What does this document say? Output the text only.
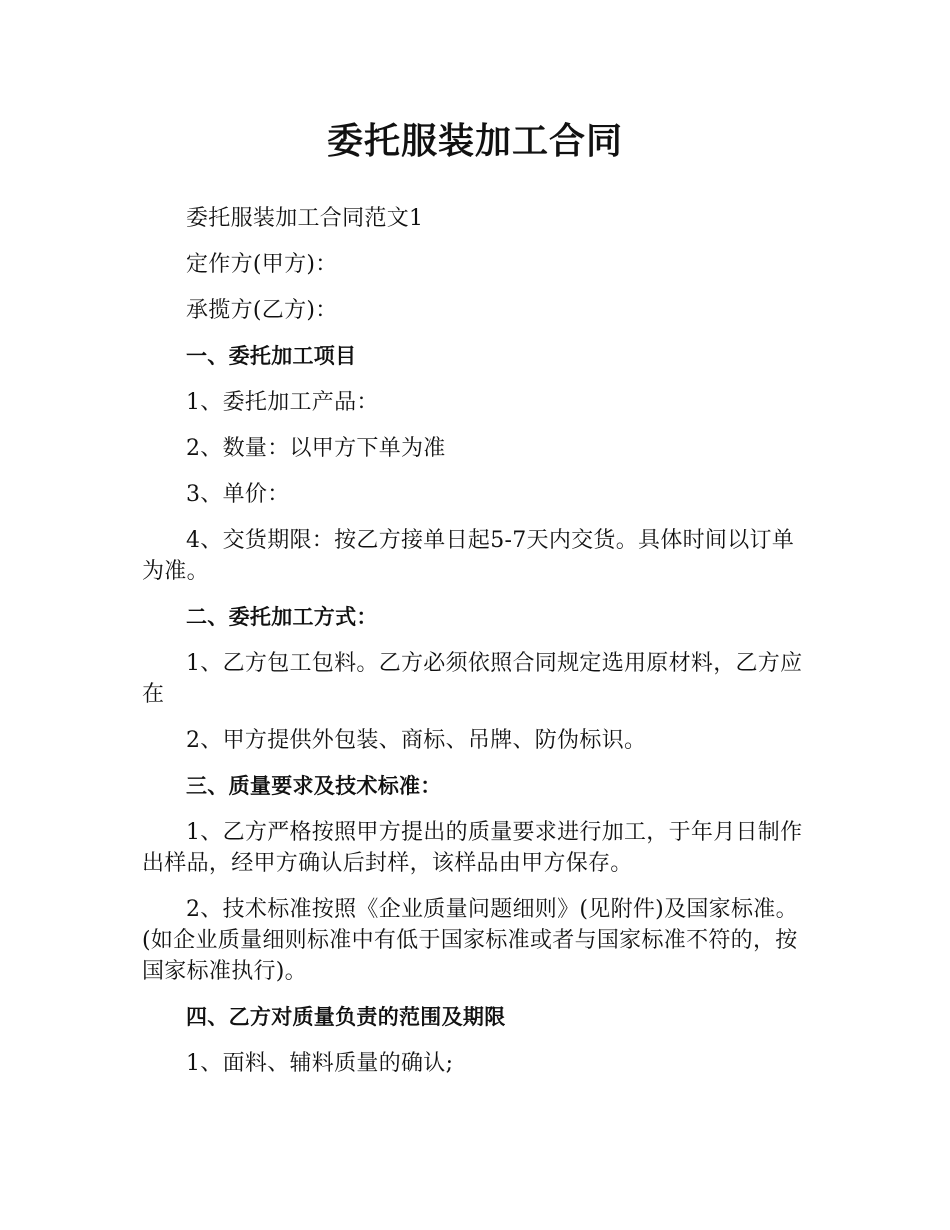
委托服装加工合同

委托服装加工合同范文1

定作方(甲方)：

承揽方(乙方)：

一、委托加工项目

1、委托加工产品：

2、数量：以甲方下单为准

3、单价：

4、交货期限：按乙方接单日起5-7天内交货。具体时间以订单为准。

二、委托加工方式：

1、乙方包工包料。乙方必须依照合同规定选用原材料，乙方应在

2、甲方提供外包装、商标、吊牌、防伪标识。

三、质量要求及技术标准：

1、乙方严格按照甲方提出的质量要求进行加工，于年月日制作出样品，经甲方确认后封样，该样品由甲方保存。

2、技术标准按照《企业质量问题细则》(见附件)及国家标准。(如企业质量细则标准中有低于国家标准或者与国家标准不符的，按国家标准执行)。

四、乙方对质量负责的范围及期限

1、面料、辅料质量的确认;
